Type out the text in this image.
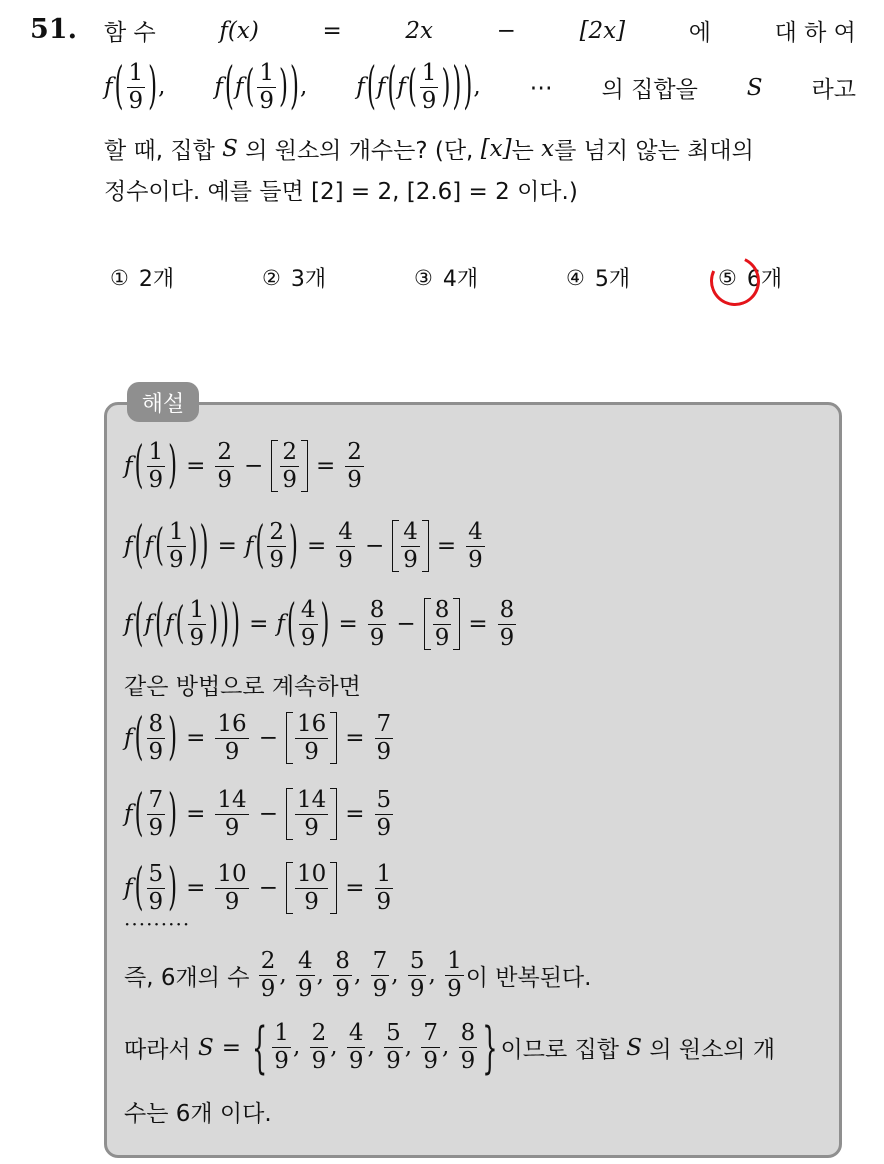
51. 함 수	f(x)	=	2x	−	[2x]	에	대 하 여
$f( \frac{1}{9}$ ), $f(f( \frac{1}{9}$ )), $f(f(f( \frac{1}{9}$ ))), ⋯ 의 집합을 S 라고
할 때, 집합
S
의 원소의 개수는? (단,
[x] 는
x 를 넘지 않는 최대의
정수이다. 예를 들면 [2] = 2, [2.6] = 2 이다.)
① 2개	② 3개	③ 4개	④ 5개	⑤ 6개
해설
f ( $\frac{1}{9}$ ) = $\frac{2}{9} - \frac{2}{9} = \frac{2}{9}$
f ( f ( $\frac{1}{9}$ ) ) = f ( $\frac{2}{9}$ ) = $\frac{4}{9} - \frac{4}{9} = \frac{4}{9}$
f ( f ( f ( $\frac{1}{9}$ ) ) ) = f ( $\frac{4}{9}$ ) = $\frac{8}{9} - \frac{8}{9} = \frac{8}{9}$
같은 방법으로 계속하면
f ( $\frac{8}{9}$ ) = $\frac{16}{9} - \frac{16}{9} = \frac{7}{9}$
f ( $\frac{7}{9}$ ) = $\frac{14}{9} - \frac{14}{9} = \frac{5}{9}$
f ( $\frac{5}{9}$ ) = $\frac{10}{9} - \frac{10}{9} = \frac{1}{9}$
·········
즉, 6개의 수
$\frac{2}{9}$ , $\frac{4}{9}$ , $\frac{8}{9}$ , $\frac{7}{9}$ , $\frac{5}{9}$ , $\frac{1}{9}$ 이 반복된다.
따라서
S = { $\frac{1}{9}$ , $\frac{2}{9}$ , $\frac{4}{9}$ , $\frac{5}{9}$ , $\frac{7}{9}$ , $\frac{8}{9}$ } 이므로 집합
S
의 원소의 개
수는 6개 이다.
